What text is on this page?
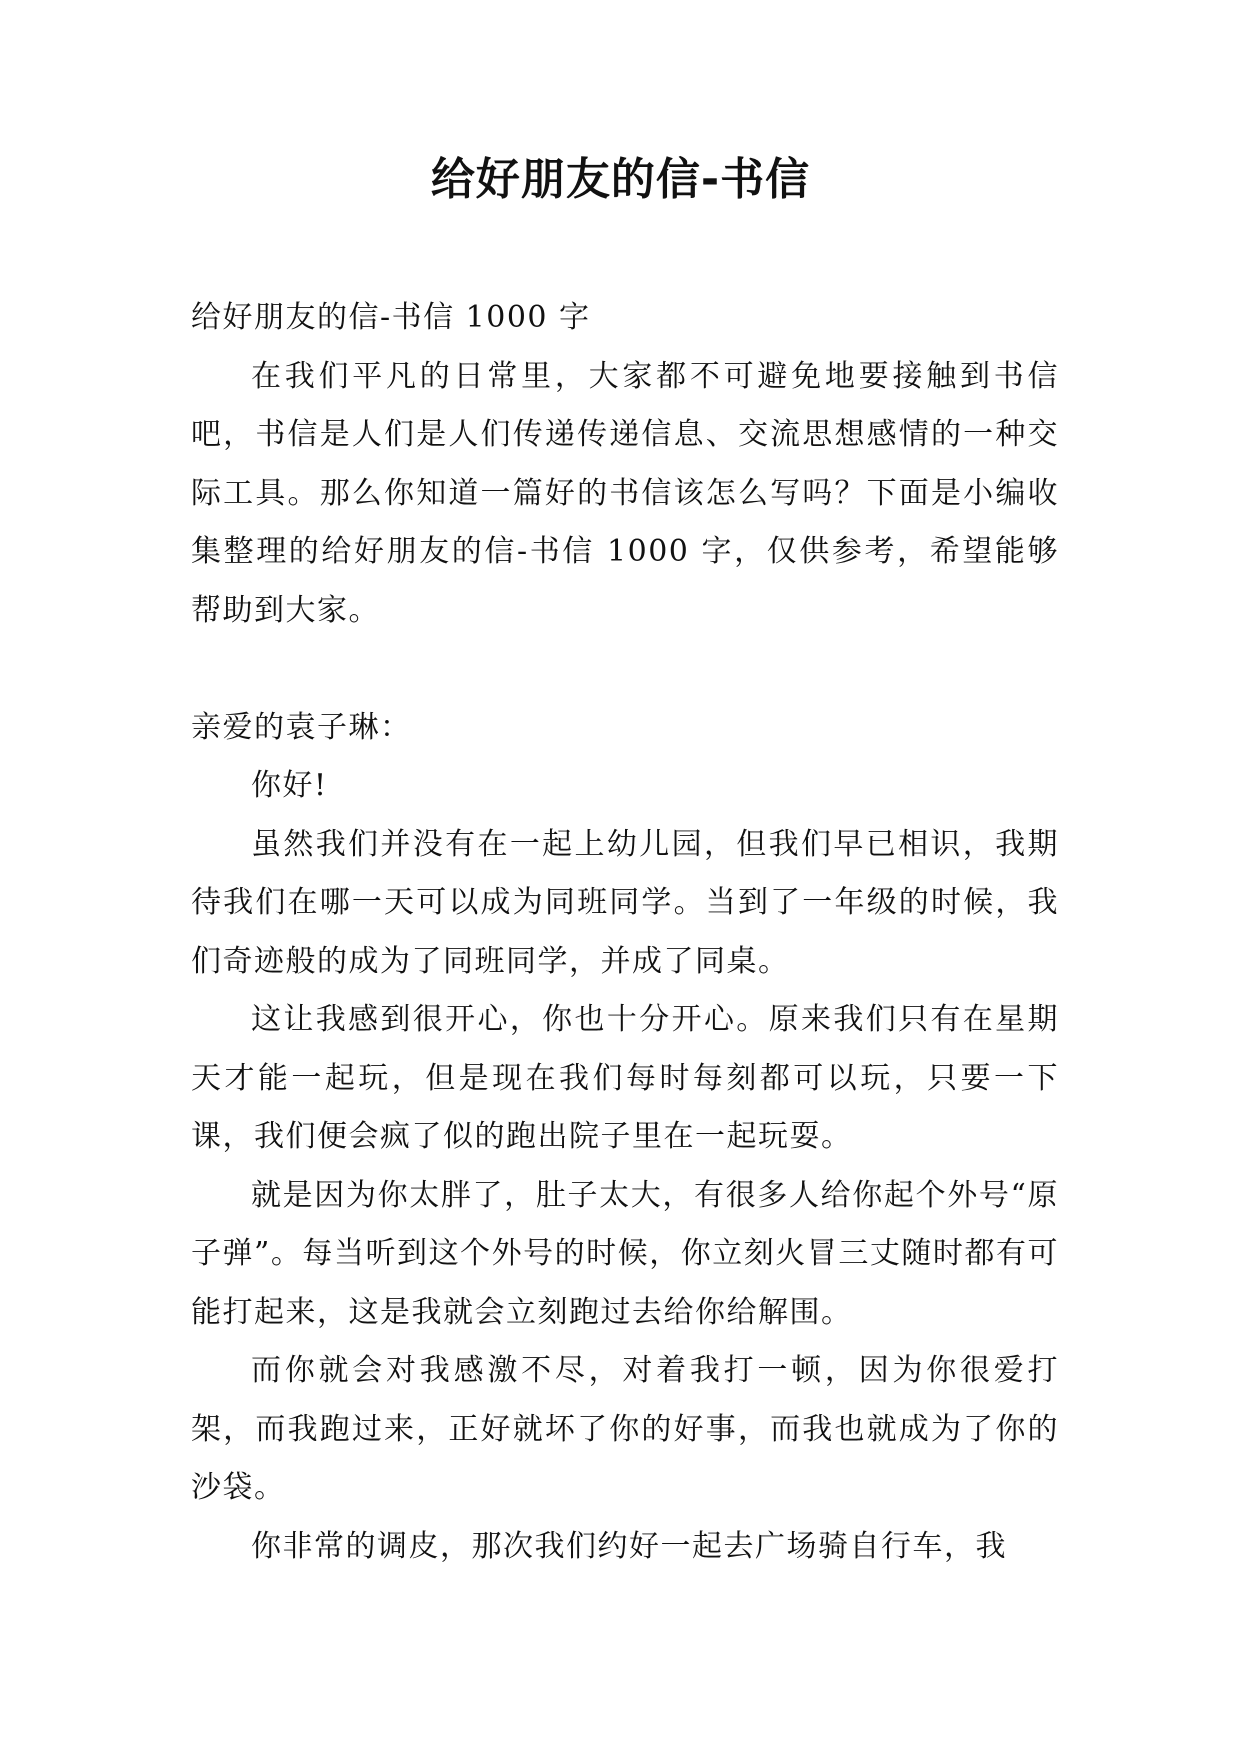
给好朋友的信-书信

给好朋友的信-书信 1000 字

在我们平凡的日常里，大家都不可避免地要接触到书信吧，书信是人们是人们传递传递信息、交流思想感情的一种交际工具。那么你知道一篇好的书信该怎么写吗？下面是小编收集整理的给好朋友的信-书信 1000 字，仅供参考，希望能够帮助到大家。

亲爱的袁子琳：

你好!

虽然我们并没有在一起上幼儿园，但我们早已相识，我期待我们在哪一天可以成为同班同学。当到了一年级的时候，我们奇迹般的成为了同班同学，并成了同桌。

这让我感到很开心，你也十分开心。原来我们只有在星期天才能一起玩，但是现在我们每时每刻都可以玩，只要一下课，我们便会疯了似的跑出院子里在一起玩耍。

就是因为你太胖了，肚子太大，有很多人给你起个外号“原子弹”。每当听到这个外号的时候，你立刻火冒三丈随时都有可能打起来，这是我就会立刻跑过去给你给解围。

而你就会对我感激不尽，对着我打一顿，因为你很爱打架，而我跑过来，正好就坏了你的好事，而我也就成为了你的沙袋。

你非常的调皮，那次我们约好一起去广场骑自行车，我
